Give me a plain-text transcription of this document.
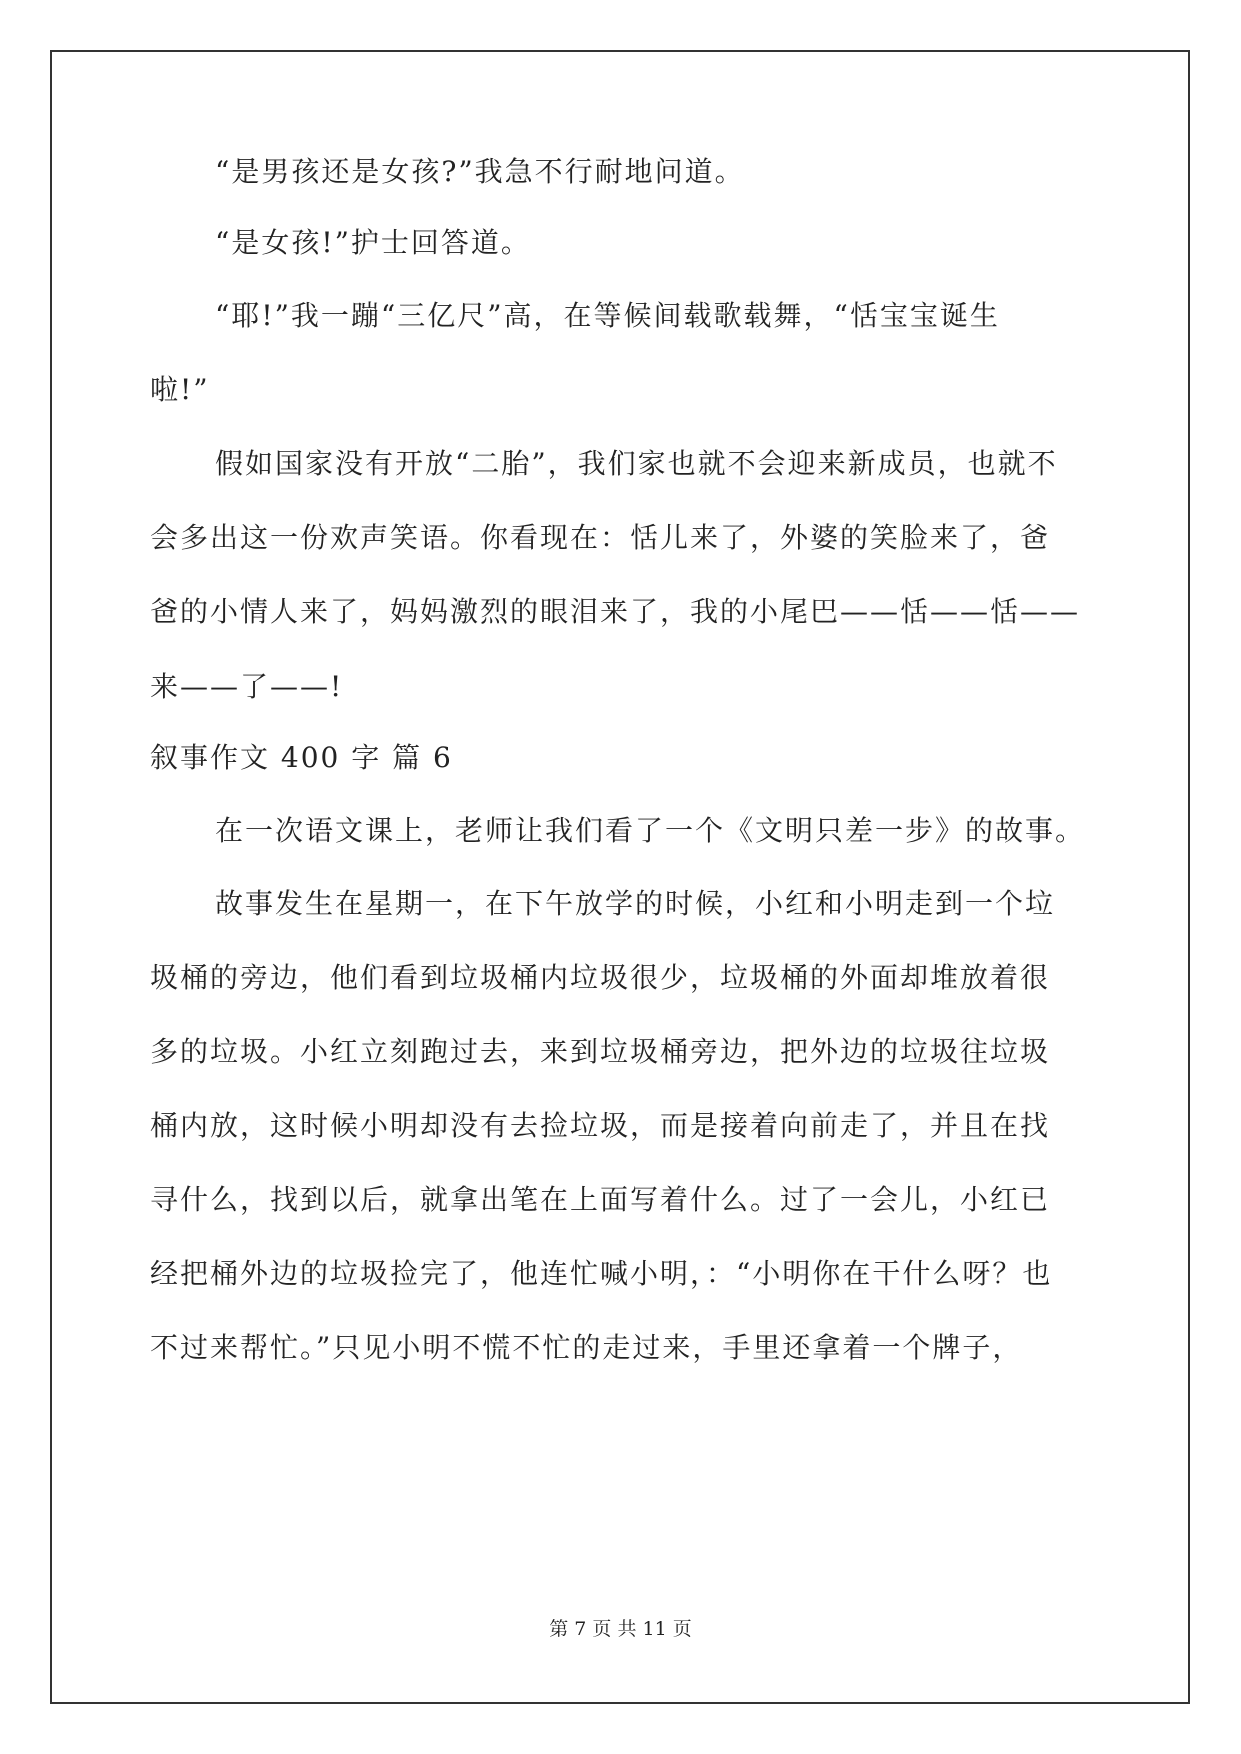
“是男孩还是女孩?”我急不行耐地问道。
“是女孩!”护士回答道。
“耶!”我一蹦“三亿尺”高，在等候间载歌载舞，“恬宝宝诞生
啦!”
假如国家没有开放“二胎”，我们家也就不会迎来新成员，也就不
会多出这一份欢声笑语。你看现在：恬儿来了，外婆的笑脸来了，爸
爸的小情人来了，妈妈激烈的眼泪来了，我的小尾巴——恬——恬——
来——了——!
叙事作文 400 字 篇 6
在一次语文课上，老师让我们看了一个《文明只差一步》的故事。
故事发生在星期一，在下午放学的时候，小红和小明走到一个垃
圾桶的旁边，他们看到垃圾桶内垃圾很少，垃圾桶的外面却堆放着很
多的垃圾。小红立刻跑过去，来到垃圾桶旁边，把外边的垃圾往垃圾
桶内放，这时候小明却没有去捡垃圾，而是接着向前走了，并且在找
寻什么，找到以后，就拿出笔在上面写着什么。过了一会儿，小红已
经把桶外边的垃圾捡完了，他连忙喊小明，：“小明你在干什么呀？也
不过来帮忙。”只见小明不慌不忙的走过来，手里还拿着一个牌子，
第 7 页 共 11 页
